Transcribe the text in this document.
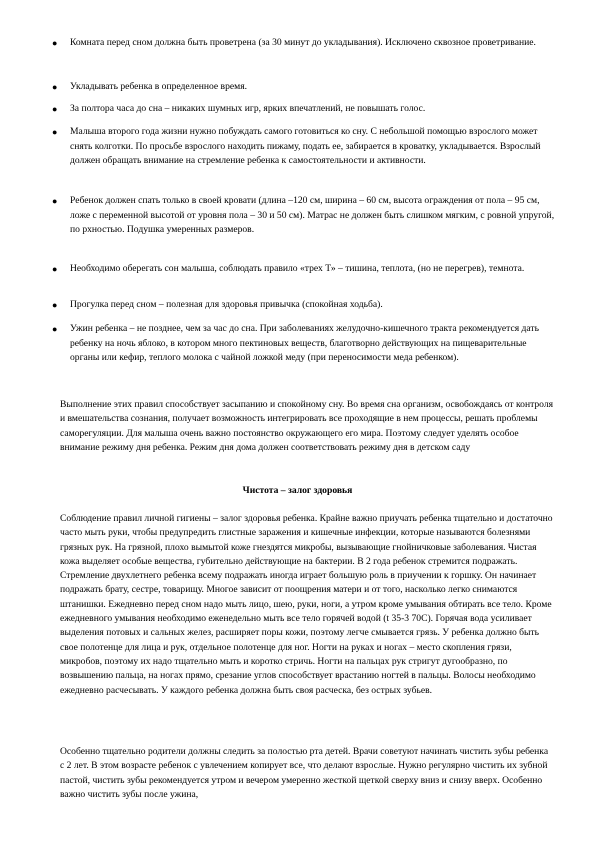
● Комната перед сном должна быть проветрена (за 30 минут до укладывания). Исключено сквозное проветривание.
● Укладывать ребенка в определенное время.
● За полтора часа до сна – никаких шумных игр, ярких впечатлений, не повышать голос.
● Малыша второго года жизни нужно побуждать самого готовиться ко сну. С небольшой помощью взрослого может снять колготки. По просьбе взрослого находить пижаму, подать ее, забирается в кроватку, укладывается. Взрослый должен обращать внимание на стремление ребенка к самостоятельности и активности.
● Ребенок должен спать только в своей кровати (длина –120 см, ширина – 60 см, высота ограждения от пола – 95 см, ложе с переменной высотой от уровня пола – 30 и 50 см). Матрас не должен быть слишком мягким, с ровной упругой, по рхностью. Подушка умеренных размеров.
● Необходимо оберегать сон малыша, соблюдать правило «трех Т» – тишина, теплота, (но не перегрев), темнота.
● Прогулка перед сном – полезная для здоровья привычка (спокойная ходьба).
● Ужин ребенка – не позднее, чем за час до сна. При заболеваниях желудочно-кишечного тракта рекомендуется дать ребенку на ночь яблоко, в котором много пектиновых веществ, благотворно действующих на пищеварительные органы или кефир, теплого молока с чайной ложкой меду (при переносимости меда ребенком).

Выполнение этих правил способствует засыпанию и спокойному сну. Во время сна организм, освобождаясь от контроля и вмешательства сознания, получает возможность интегрировать все проходящие в нем процессы, решать проблемы саморегуляции. Для малыша очень важно постоянство окружающего его мира. Поэтому следует уделять особое внимание режиму дня ребенка. Режим дня дома должен соответствовать режиму дня в детском саду

Чистота – залог здоровья

Соблюдение правил личной гигиены – залог здоровья ребенка. Крайне важно приучать ребенка тщательно и достаточно часто мыть руки, чтобы предупредить глистные заражения и кишечные инфекции, которые называются болезнями грязных рук. На грязной, плохо вымытой коже гнездятся микробы, вызывающие гнойничковые заболевания. Чистая кожа выделяет особые вещества, губительно действующие на бактерии. В 2 года ребенок стремится подражать. Стремление двухлетнего ребенка всему подражать иногда играет большую роль в приучении к горшку. Он начинает подражать брату, сестре, товарищу. Многое зависит от поощрения матери и от того, насколько легко снимаются штанишки. Ежедневно перед сном надо мыть лицо, шею, руки, ноги, а утром кроме умывания обтирать все тело. Кроме ежедневного умывания необходимо еженедельно мыть все тело горячей водой (t 35-3 70С). Горячая вода усиливает выделения потовых и сальных желез, расширяет поры кожи, поэтому легче смывается грязь. У ребенка должно быть свое полотенце для лица и рук, отдельное полотенце для ног. Ногти на руках и ногах – место скопления грязи, микробов, поэтому их надо тщательно мыть и коротко стричь. Ногти на пальцах рук стригут дугообразно, по возвышению пальца, на ногах прямо, срезание углов способствует врастанию ногтей в пальцы. Волосы необходимо ежедневно расчесывать. У каждого ребенка должна быть своя расческа, без острых зубьев.

Особенно тщательно родители должны следить за полостью рта детей. Врачи советуют начинать чистить зубы ребенка с 2 лет. В этом возрасте ребенок с увлечением копирует все, что делают взрослые. Нужно регулярно чистить их зубной пастой, чистить зубы рекомендуется утром и вечером умеренно жесткой щеткой сверху вниз и снизу вверх. Особенно важно чистить зубы после ужина,
